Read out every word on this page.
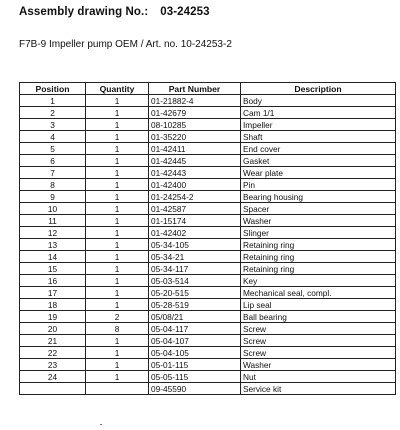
Assembly drawing No.: 03-24253
F7B-9 Impeller pump OEM / Art. no. 10-24253-2
Position	Quantity	Part Number	Description
1	1	01-21882-4	Body
2	1	01-42679	Cam 1/1
3	1	08-10285	Impeller
4	1	01-35220	Shaft
5	1	01-42411	End cover
6	1	01-42445	Gasket
7	1	01-42443	Wear plate
8	1	01-42400	Pin
9	1	01-24254-2	Bearing housing
10	1	01-42587	Spacer
11	1	01-15174	Washer
12	1	01-42402	Slinger
13	1	05-34-105	Retaining ring
14	1	05-34-21	Retaining ring
15	1	05-34-117	Retaining ring
16	1	05-03-514	Key
17	1	05-20-515	Mechanical seal, compl.
18	1	05-28-519	Lip seal
19	2	05/08/21	Ball bearing
20	8	05-04-117	Screw
21	1	05-04-107	Screw
22	1	05-04-105	Screw
23	1	05-01-115	Washer
24	1	05-05-115	Nut
		09-45590	Service kit
